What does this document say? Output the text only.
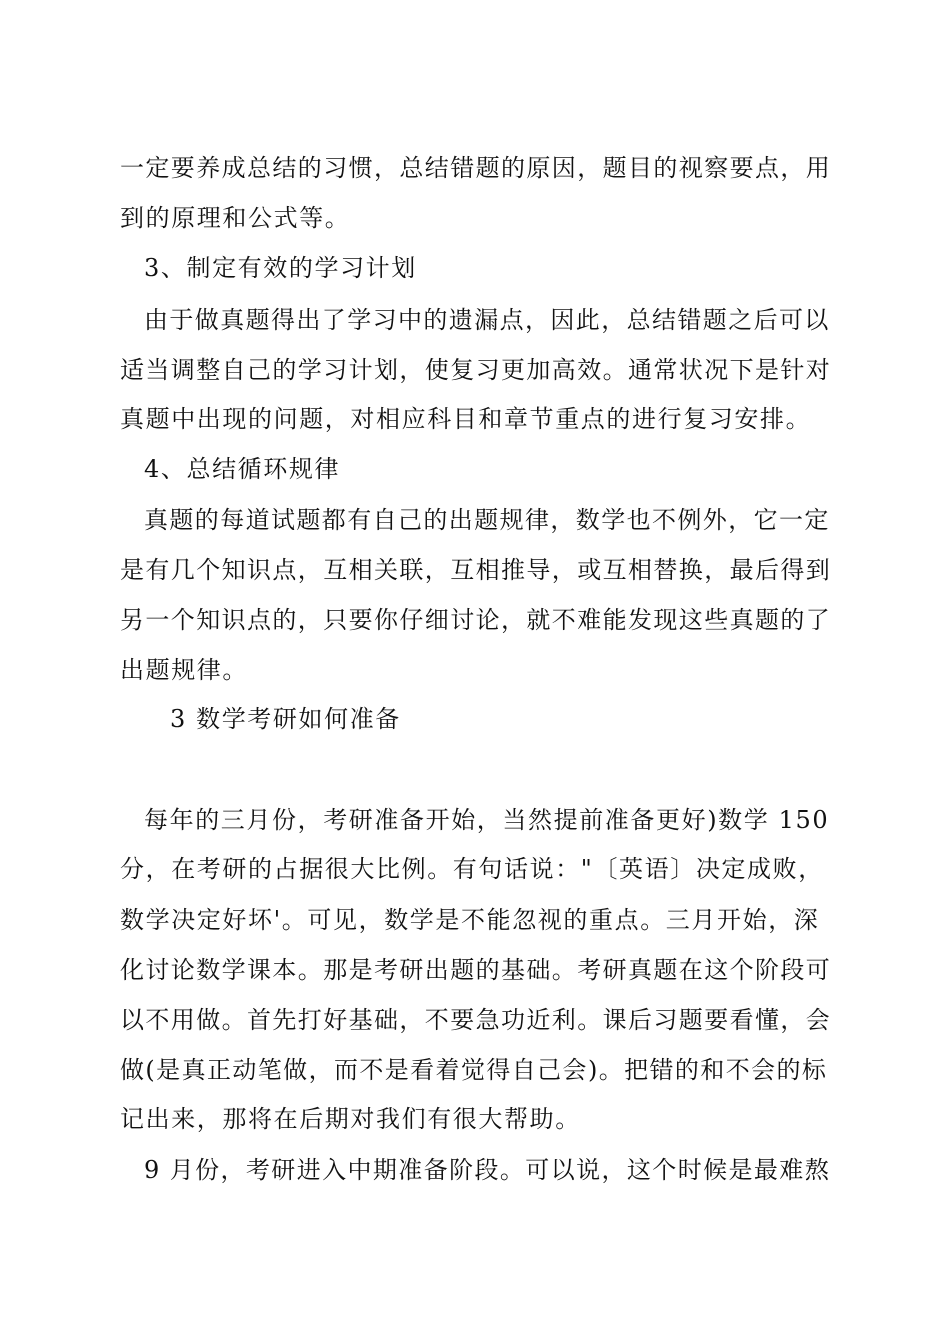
一定要养成总结的习惯，总结错题的原因，题目的视察要点，用
到的原理和公式等。
3、制定有效的学习计划
由于做真题得出了学习中的遗漏点，因此，总结错题之后可以
适当调整自己的学习计划，使复习更加高效。通常状况下是针对
真题中出现的问题，对相应科目和章节重点的进行复习安排。
4、总结循环规律
真题的每道试题都有自己的出题规律，数学也不例外，它一定
是有几个知识点，互相关联，互相推导，或互相替换，最后得到
另一个知识点的，只要你仔细讨论，就不难能发现这些真题的了
出题规律。
3 数学考研如何准备
每年的三月份，考研准备开始，当然提前准备更好)数学 150
分，在考研的占据很大比例。有句话说："〔英语〕决定成败，
数学决定好坏'。可见，数学是不能忽视的重点。三月开始，深
化讨论数学课本。那是考研出题的基础。考研真题在这个阶段可
以不用做。首先打好基础，不要急功近利。课后习题要看懂，会
做(是真正动笔做，而不是看着觉得自己会)。把错的和不会的标
记出来，那将在后期对我们有很大帮助。
9 月份，考研进入中期准备阶段。可以说，这个时候是最难熬
